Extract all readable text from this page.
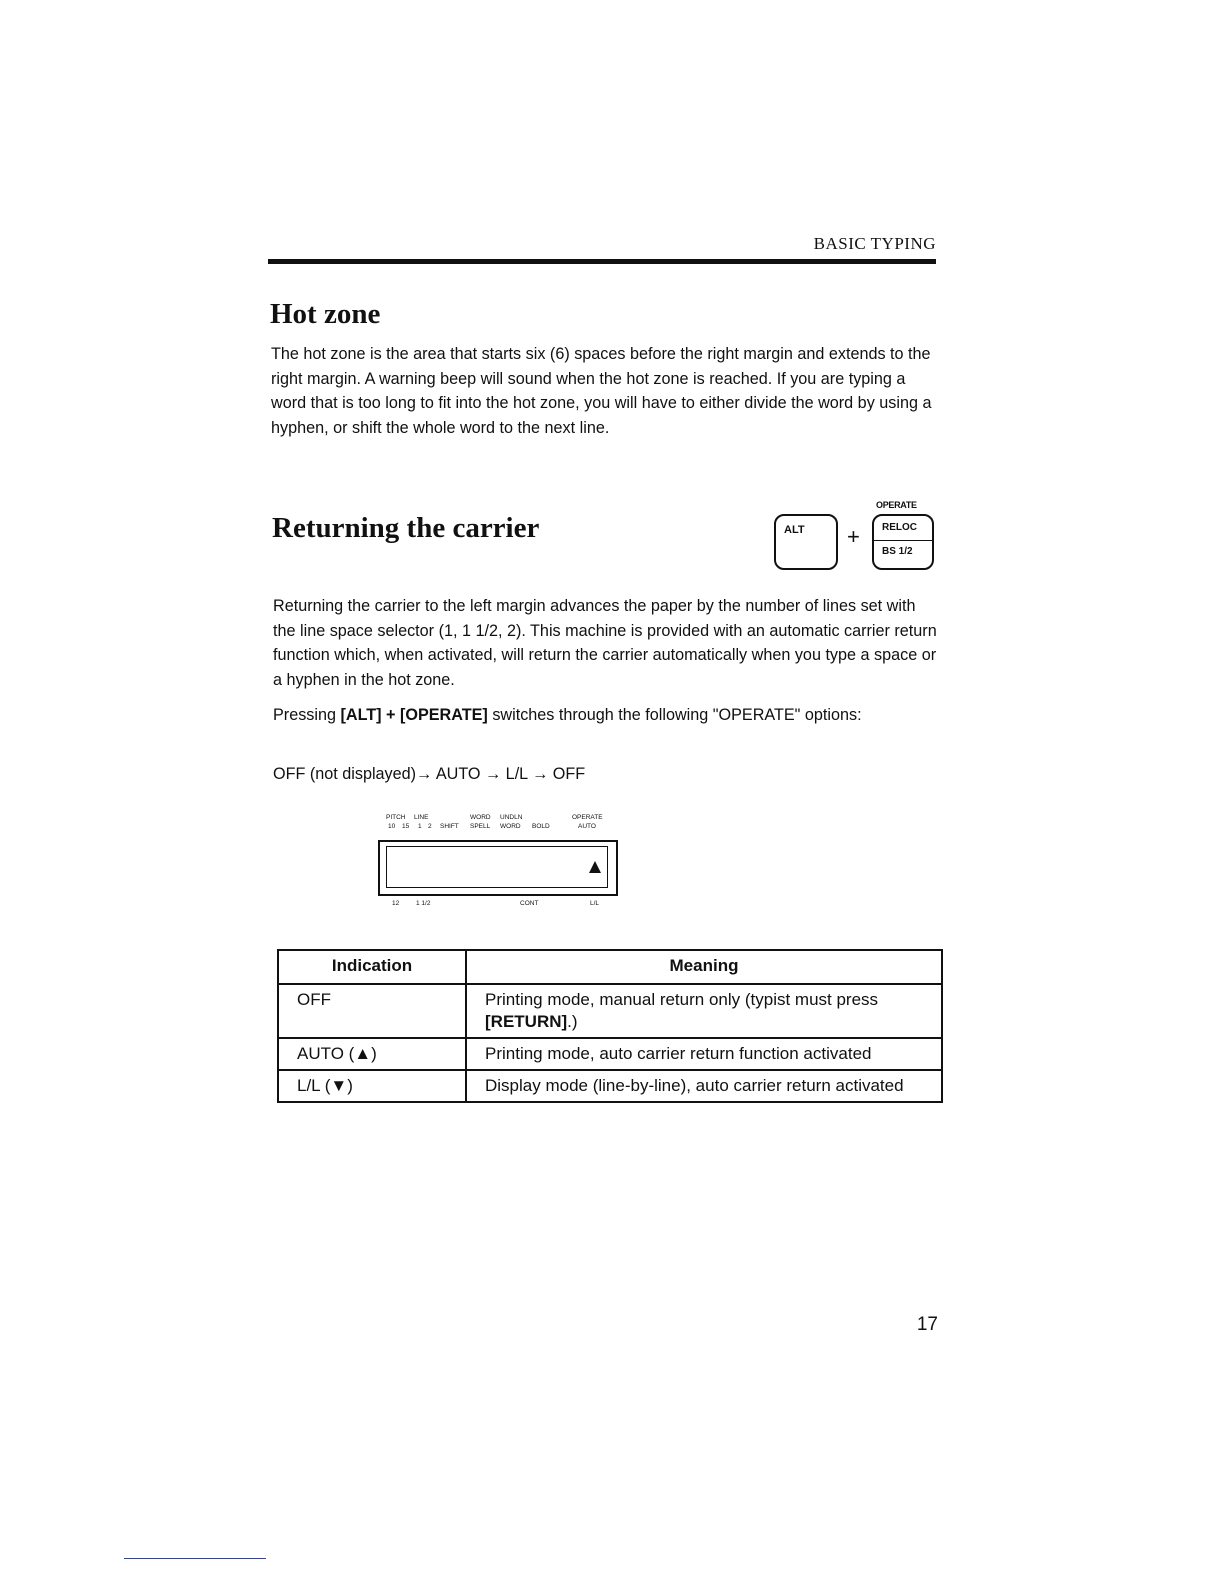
BASIC TYPING
Hot zone
The hot zone is the area that starts six (6) spaces before the right margin and extends to the right margin. A warning beep will sound when the hot zone is reached. If you are typing a word that is too long to fit into the hot zone, you will have to either divide the word by using a hyphen, or shift the whole word to the next line.
Returning the carrier	ALT +
OPERATE
RELOC
BS 1/2
Returning the carrier to the left margin advances the paper by the number of lines set with the line space selector (1, 1 1/2, 2). This machine is provided with an automatic carrier return function which, when activated, will return the carrier automatically when you type a space or a hyphen in the hot zone.
Pressing [ALT] + [OPERATE] switches through the following "OPERATE" options:
OFF (not displayed)→ AUTO → L/L → OFF
PITCH LINE	WORD UNDLN	OPERATE
10 15 1 2 SHIFT SPELL WORD BOLD	AUTO
12	1 1/2	CONT	L/L
Indication	Meaning
OFF	Printing mode, manual return only (typist must press [RETURN].)
AUTO (▲)	Printing mode, auto carrier return function activated
L/L (▼)	Display mode (line-by-line), auto carrier return activated
17
